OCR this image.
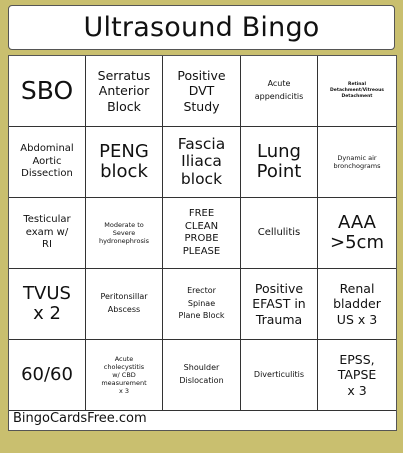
Ultrasound Bingo
SBO
Serratus
Anterior
Block
Positive
DVT
Study
Acute
appendicitis
Retinal
Detachment/Vitreous
Detachment
Abdominal
Aortic
Dissection
PENG
block
Fascia
Iliaca
block
Lung
Point
Dynamic air
bronchograms
Testicular
exam w/
RI
Moderate to
Severe
hydronephrosis
FREE
CLEAN
PROBE
PLEASE
Cellulitis	AAA
>5cm
TVUS
x 2
Peritonsillar
Abscess
Erector
Spinae
Plane Block
Positive
EFAST in
Trauma
Renal
bladder
US x 3
60/60
Acute
cholecystitis
w/ CBD
measurement
x 3
Shoulder
Dislocation
Diverticulitis
EPSS,
TAPSE
x 3
BingoCardsFree.com
